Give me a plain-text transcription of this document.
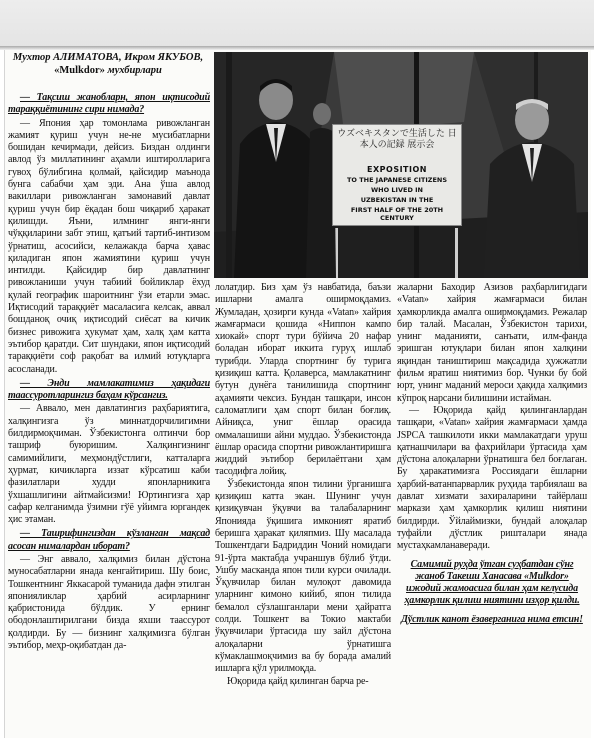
Мухтор АЛИМАТОВА, Икром ЯКУБОВ,
«Mulkdor» мухбирлари
ウズベキスタンで生活した 日本人の記録 展示会
EXPOSITION
TO THE JAPANESE CITIZENS
WHO LIVED IN
UZBEKISTAN IN THE
FIRST HALF OF THE 20TH CENTURY

— Тақсиш жанобларн, япон иқтисодий тараққиётининг сири нимада?

— Япония ҳар томонлама ривожланган жамият қуриш учун не-не мусибатларни бошидан кечирмади, дейсиз. Биздан олдинги авлод ўз миллатининг аҳамли иштиролларига гувоҳ бўлибгина қолмай, қайсидир маънода бунга сабабчи ҳам эди. Ана ўша авлод вакиллари ривожланган замонавий давлат қуриш учун бир ёқадан бош чиқариб ҳаракат қилишди. Яъни, илмнинг янги-янги чўққиларини забт этиш, қатъий тартиб-интизом ўрнатиш, асосийси, келажакда барча ҳавас қиладиган япон жамиятини қуриш учун интилди. Қайсидир бир давлатнинг ривожланиши учун табиий бойликлар ёхуд қулай географик шароитнинг ўзи етарли эмас. Иқтисодий тараққиёт масаласига келсак, аввал бошданоқ очиқ иқтисодий сиёсат ва кичик бизнес ривожига ҳукумат ҳам, халқ ҳам катта эътибор қаратди. Сит шундаки, япон иқтисодий тараққиёти соф рақобат ва илмий ютуқларга асосланади.

— Энди мамлакатимиз ҳақидаги таассуротларингиз баҳам кўрсангиз.

— Аввало, мен давлатингиз раҳбариятига, халқингизга ўз миннатдорчилигимни билдирмоқчиман. Ўзбекистонга олтинчи бор ташриф буюришим. Халқингизнинг самимийлиги, меҳмондўстлиги, катталарга ҳурмат, кичикларга иззат кўрсатиш каби фазилатлари худди японларникига ўхшашлигини айтмайсизми! Юртингизга ҳар сафар келганимда ўзимни гўё уйимга юргандек ҳис этаман.

— Ташрифингиздан кўзланган мақсад асосан нималардан иборат?

— Энг аввало, халқимиз билан дўстона муносабатларни янада кенгайтириш. Шу боис, Тошкентнинг Яккасарой туманида дафн этилган японияликлар ҳарбий асирларнинг қабристонида бўлдик. У ернинг ободонлаштирилгани бизда яхши таассурот қолдирди. Бу — бизнинг халқимизга бўлган эътибор, меҳр-оқибатдан да-

лолатдир. Биз ҳам ўз навбатида, баъзи ишларни амалга оширмоқдамиз. Жумладан, ҳозирги кунда «Vatan» хайрия жамғармаси қошида «Ниппон кампо хиокай» спорт тури бўйича 20 нафар боладан иборат иккита гуруҳ ишлаб турибди. Уларда спортнинг бу турига қизиқиш катта. Қолаверса, мамлакатнинг бутун дунёга танилишида спортнинг аҳамияти чексиз. Бундан ташқари, инсон саломатлиги ҳам спорт билан боғлиқ. Айниқса, униг ёшлар орасида оммалашиши айни муддао. Ўзбекистонда ёшлар орасида спортни ривожлантиришга жиддий эътибор берилаётгани ҳам тасодифга лойиқ.

Ўзбекистонда япон тилини ўрганишга қизиқиш катта экан. Шунинг учун қизиқувчан ўқувчи ва талабаларнинг Японияда ўқишига имконият яратиб беришга ҳаракат қиляпмиз. Шу масалада Тошкентдаги Бадриддин Чоний номидаги 91-ўрта мактабда учраншув бўлиб ўтди. Ушбу масканда япон тили курси очилади. Ўқувчилар билан мулоқот давомида уларнинг кимоно кийиб, япон тилида бемалол сўзлашганлари мени ҳайратга солди. Тошкент ва Токио мактаби ўқувчилари ўртасида шу зайл дўстона алоқаларни ўрнатишга кўмаклашмоқчимиз ва бу борада амалий ишларга қўл урилмоқда.

Юқорида қайд қилинган барча ре-

жаларни Баходир Азизов раҳбарлигидаги «Vatan» хайрия жамғармаси билан ҳамкорликда амалга оширмоқдамиз. Режалар бир талай. Масалан, Ўзбекистон тарихи, унинг маданияти, санъати, илм-фанда эришган ютуқлари билан япон халқини яқиндан таништириш мақсадида ҳужжатли фильм яратиш ниятимиз бор. Чунки бу бой юрт, унинг маданий мероси ҳақида халқимиз кўпроқ нарсани билишини истайман.

— Юқорида қайд қилинганлардан ташқари, «Vatan» хайрия жамғармаси ҳамда JSPCA ташкилоти икки мамлакатдаги уруш қатнашчилари ва фахрийлари ўртасида ҳам дўстона алоқаларни ўрнатишга бел боғлаган. Бу ҳаракатимизга Россиядаги ёшларни ҳарбий-ватанпарварлик руҳида тарбиялаш ва давлат хизмати захираларини тайёрлаш маркази ҳам ҳамкорлик қилиш ниятини билдирди. Ўйлаймизки, бундай алоқалар туфайли дўстлик ришталари янада мустаҳкамланаверади.

Самимий руҳда ўтган суҳбатдан сўнг жаноб Такеши Ханасава «Mulkdor» ижодий жамоасига билан ҳам келусида ҳамкорлик қилиш ниятини изҳор қилди.

Дўстлик канот ёзаверганига нима етсин!
